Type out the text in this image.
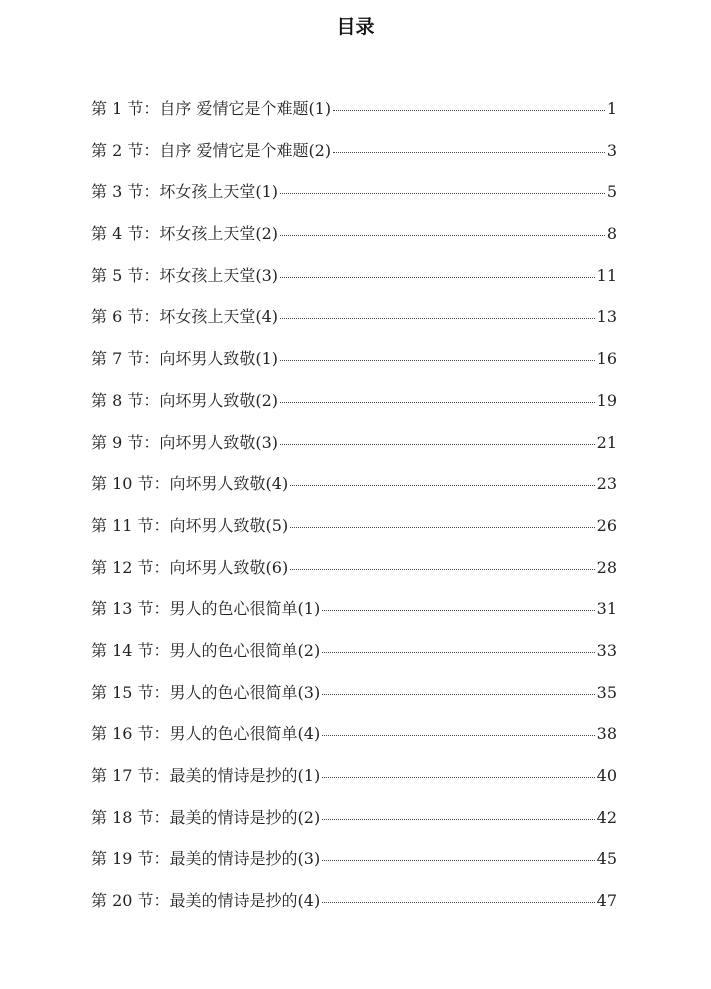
目录
第 1 节：自序 爱情它是个难题(1)	1
第 2 节：自序 爱情它是个难题(2)	3
第 3 节：坏女孩上天堂(1)	5
第 4 节：坏女孩上天堂(2)	8
第 5 节：坏女孩上天堂(3)	11
第 6 节：坏女孩上天堂(4)	13
第 7 节：向坏男人致敬(1)	16
第 8 节：向坏男人致敬(2)	19
第 9 节：向坏男人致敬(3)	21
第 10 节：向坏男人致敬(4)	23
第 11 节：向坏男人致敬(5)	26
第 12 节：向坏男人致敬(6)	28
第 13 节：男人的色心很简单(1)	31
第 14 节：男人的色心很简单(2)	33
第 15 节：男人的色心很简单(3)	35
第 16 节：男人的色心很简单(4)	38
第 17 节：最美的情诗是抄的(1)	40
第 18 节：最美的情诗是抄的(2)	42
第 19 节：最美的情诗是抄的(3)	45
第 20 节：最美的情诗是抄的(4)	47
